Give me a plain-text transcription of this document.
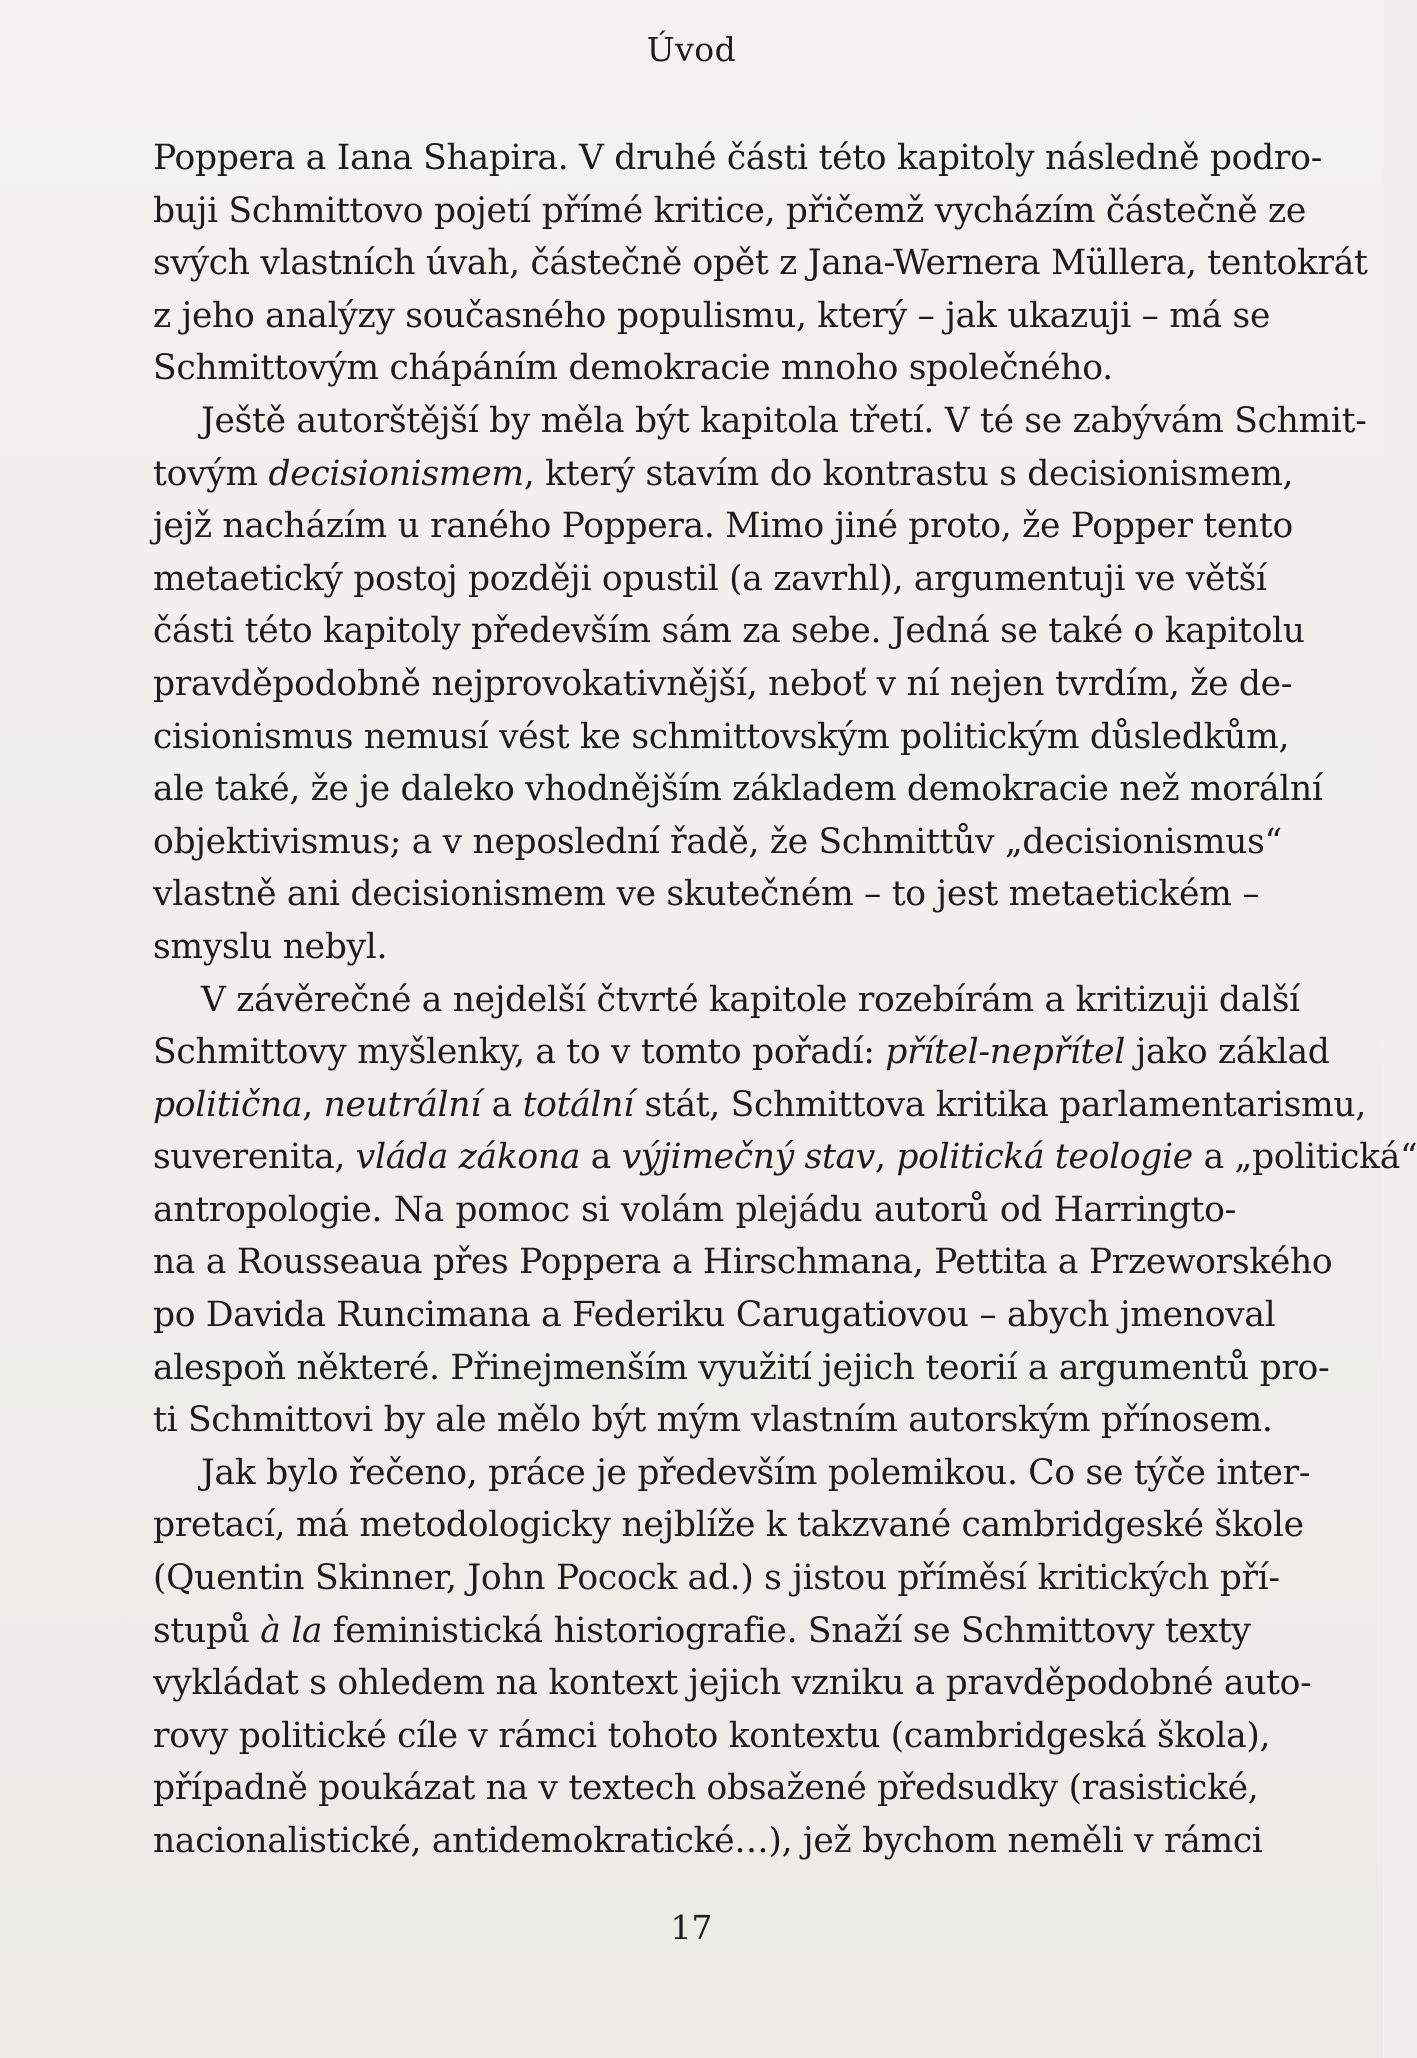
Úvod
Poppera a Iana Shapira. V druhé části této kapitoly následně podro-
buji Schmittovo pojetí přímé kritice, přičemž vycházím částečně ze
svých vlastních úvah, částečně opět z Jana-Wernera Müllera, tentokrát
z jeho analýzy současného populismu, který – jak ukazuji – má se
Schmittovým chápáním demokracie mnoho společného.
Ještě autorštější by měla být kapitola třetí. V té se zabývám Schmit-
tovým decisionismem, který stavím do kontrastu s decisionismem,
jejž nacházím u raného Poppera. Mimo jiné proto, že Popper tento
metaetický postoj později opustil (a zavrhl), argumentuji ve větší
části této kapitoly především sám za sebe. Jedná se také o kapitolu
pravděpodobně nejprovokativnější, neboť v ní nejen tvrdím, že de-
cisionismus nemusí vést ke schmittovským politickým důsledkům,
ale také, že je daleko vhodnějším základem demokracie než morální
objektivismus; a v neposlední řadě, že Schmittův „decisionismus“
vlastně ani decisionismem ve skutečném – to jest metaetickém –
smyslu nebyl.
V závěrečné a nejdelší čtvrté kapitole rozebírám a kritizuji další
Schmittovy myšlenky, a to v tomto pořadí: přítel-nepřítel jako základ
politična, neutrální a totální stát, Schmittova kritika parlamentarismu,
suverenita, vláda zákona a výjimečný stav, politická teologie a „politická“
antropologie. Na pomoc si volám plejádu autorů od Harringto-
na a Rousseaua přes Poppera a Hirschmana, Pettita a Przeworského
po Davida Runcimana a Federiku Carugatiovou – abych jmenoval
alespoň některé. Přinejmenším využití jejich teorií a argumentů pro-
ti Schmittovi by ale mělo být mým vlastním autorským přínosem.
Jak bylo řečeno, práce je především polemikou. Co se týče inter-
pretací, má metodologicky nejblíže k takzvané cambridgeské škole
(Quentin Skinner, John Pocock ad.) s jistou příměsí kritických pří-
stupů à la feministická historiografie. Snaží se Schmittovy texty
vykládat s ohledem na kontext jejich vzniku a pravděpodobné auto-
rovy politické cíle v rámci tohoto kontextu (cambridgeská škola),
případně poukázat na v textech obsažené předsudky (rasistické,
nacionalistické, antidemokratické…), jež bychom neměli v rámci
17
